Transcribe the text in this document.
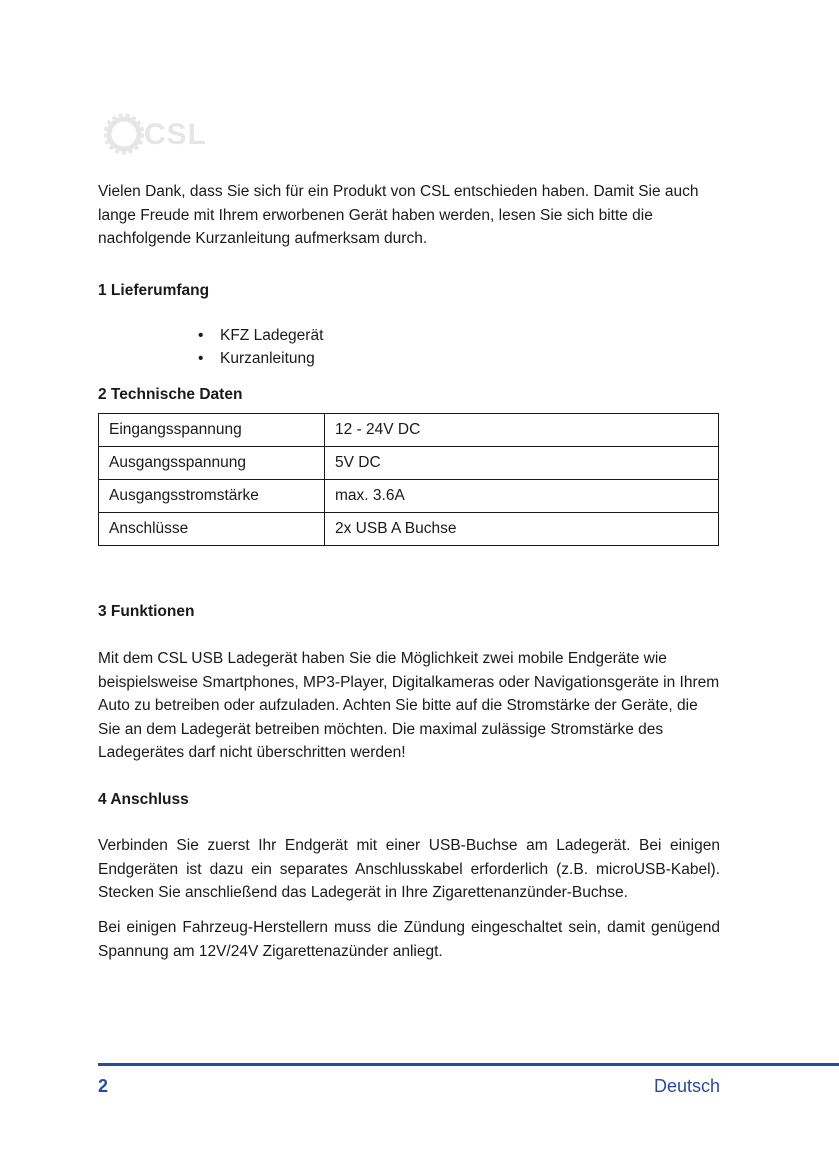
CSL

Vielen Dank, dass Sie sich für ein Produkt von CSL entschieden haben. Damit Sie auch lange Freude mit Ihrem erworbenen Gerät haben werden, lesen Sie sich bitte die nachfolgende Kurzanleitung aufmerksam durch.

1 Lieferumfang
• KFZ Ladegerät
• Kurzanleitung
2 Technische Daten
Eingangsspannung	12 - 24V DC
Ausgangsspannung	5V DC
Ausgangsstromstärke	max. 3.6A
Anschlüsse	2x USB A Buchse
3 Funktionen

Mit dem CSL USB Ladegerät haben Sie die Möglichkeit zwei mobile Endgeräte wie beispielsweise Smartphones, MP3-Player, Digitalkameras oder Navigationsgeräte in Ihrem Auto zu betreiben oder aufzuladen. Achten Sie bitte auf die Stromstärke der Geräte, die Sie an dem Ladegerät betreiben möchten. Die maximal zulässige Stromstärke des Ladegerätes darf nicht überschritten werden!

4 Anschluss

Verbinden Sie zuerst Ihr Endgerät mit einer USB-Buchse am Ladegerät. Bei einigen Endgeräten ist dazu ein separates Anschlusskabel erforderlich (z.B. microUSB-Kabel). Stecken Sie anschließend das Ladegerät in Ihre Zigarettenanzünder-Buchse.

Bei einigen Fahrzeug-Herstellern muss die Zündung eingeschaltet sein, damit genügend Spannung am 12V/24V Zigarettenazünder anliegt.

2	Deutsch
